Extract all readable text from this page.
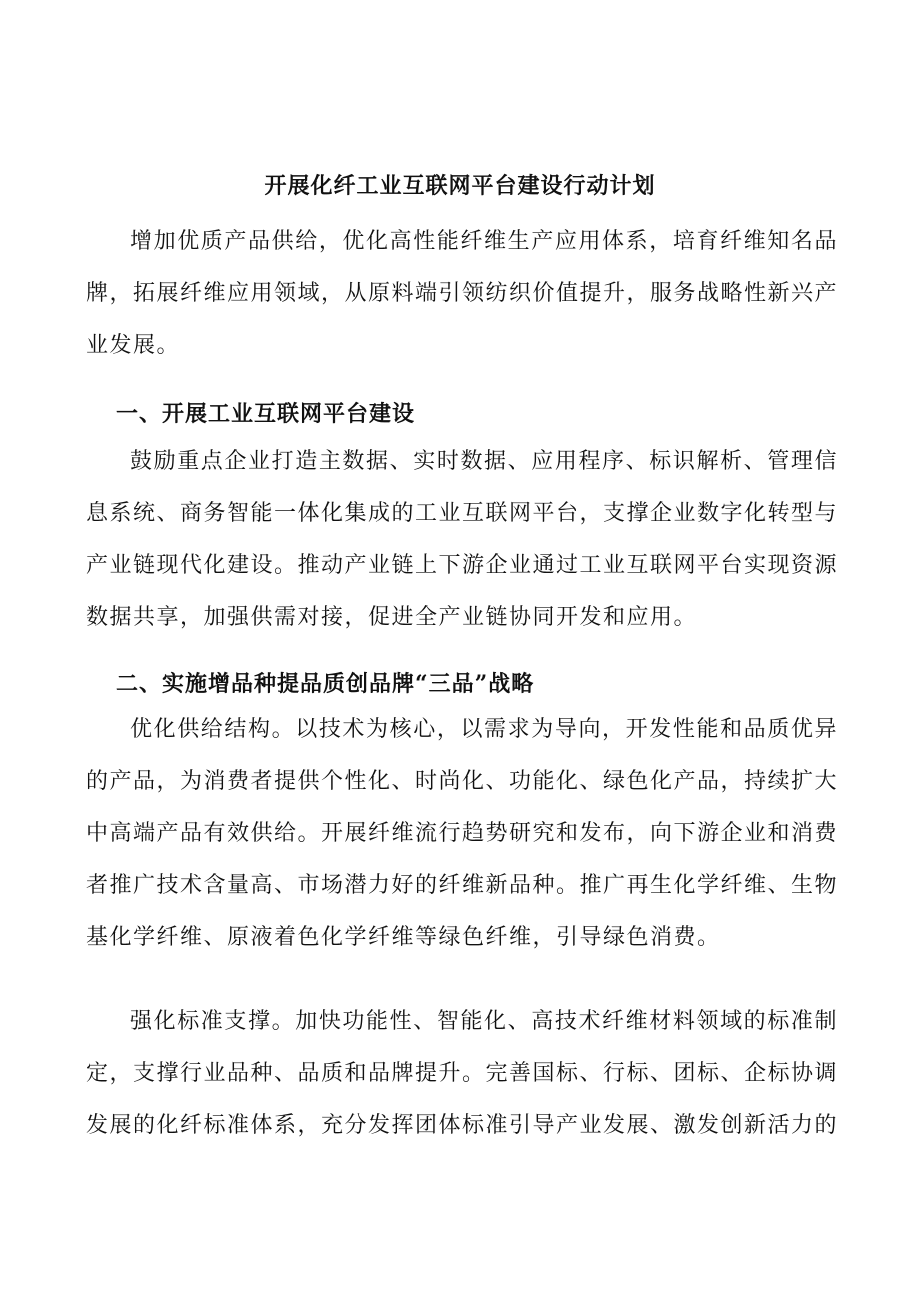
开展化纤工业互联网平台建设行动计划

增加优质产品供给，优化高性能纤维生产应用体系，培育纤维知名品牌，拓展纤维应用领域，从原料端引领纺织价值提升，服务战略性新兴产业发展。

一、开展工业互联网平台建设

鼓励重点企业打造主数据、实时数据、应用程序、标识解析、管理信息系统、商务智能一体化集成的工业互联网平台，支撑企业数字化转型与产业链现代化建设。推动产业链上下游企业通过工业互联网平台实现资源数据共享，加强供需对接，促进全产业链协同开发和应用。

二、实施增品种提品质创品牌“三品”战略

优化供给结构。以技术为核心，以需求为导向，开发性能和品质优异的产品，为消费者提供个性化、时尚化、功能化、绿色化产品，持续扩大中高端产品有效供给。开展纤维流行趋势研究和发布，向下游企业和消费者推广技术含量高、市场潜力好的纤维新品种。推广再生化学纤维、生物基化学纤维、原液着色化学纤维等绿色纤维，引导绿色消费。

强化标准支撑。加快功能性、智能化、高技术纤维材料领域的标准制定，支撑行业品种、品质和品牌提升。完善国标、行标、团标、企标协调发展的化纤标准体系，充分发挥团体标准引导产业发展、激发创新活力的
